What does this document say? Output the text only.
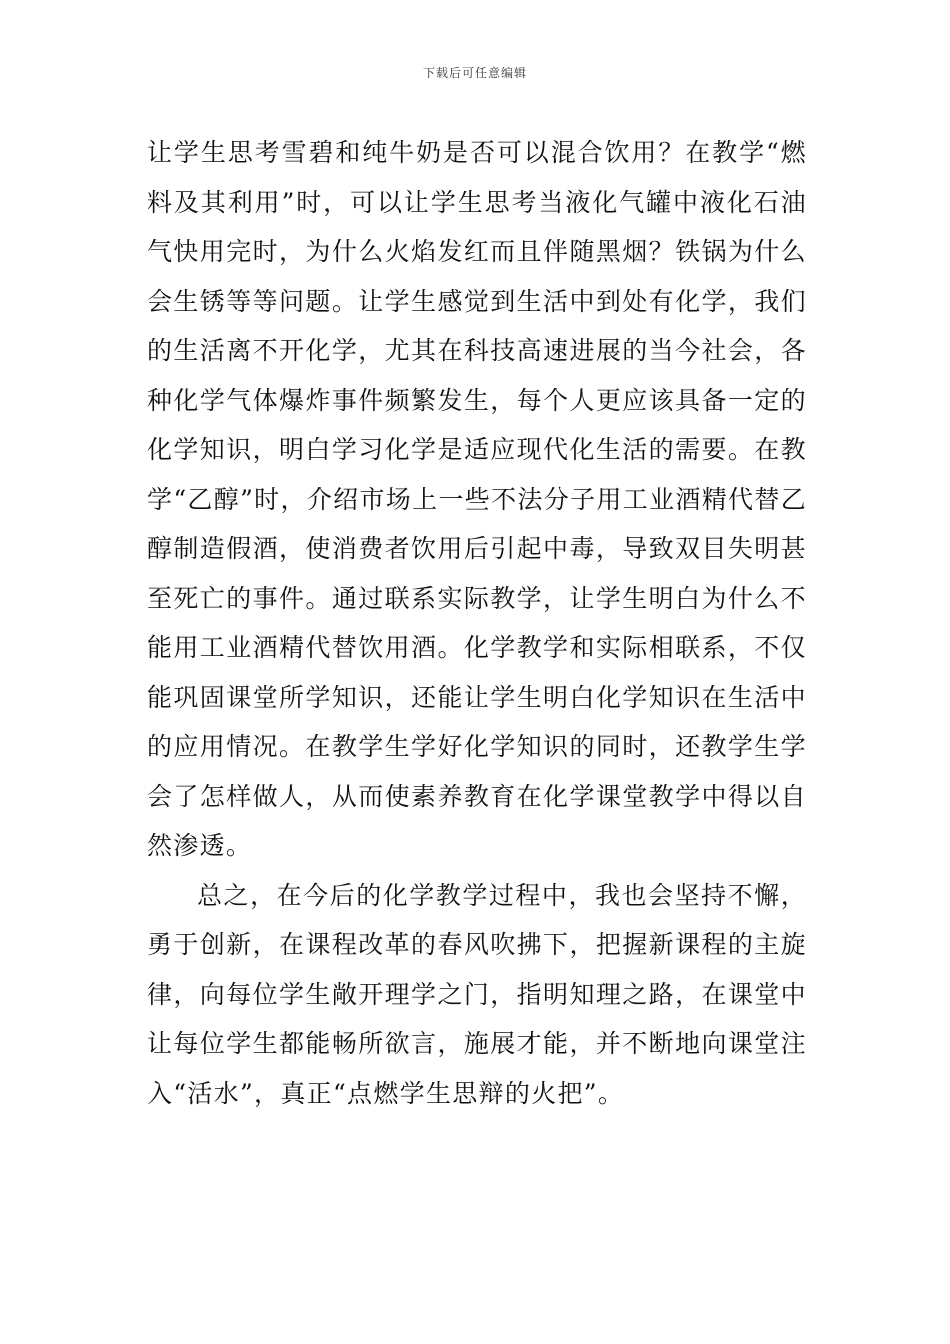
下载后可任意编辑

让学生思考雪碧和纯牛奶是否可以混合饮用？在教学“燃料及其利用”时，可以让学生思考当液化气罐中液化石油气快用完时，为什么火焰发红而且伴随黑烟？铁锅为什么会生锈等等问题。让学生感觉到生活中到处有化学，我们的生活离不开化学，尤其在科技高速进展的当今社会，各种化学气体爆炸事件频繁发生，每个人更应该具备一定的化学知识，明白学习化学是适应现代化生活的需要。在教学“乙醇”时，介绍市场上一些不法分子用工业酒精代替乙醇制造假酒，使消费者饮用后引起中毒，导致双目失明甚至死亡的事件。通过联系实际教学，让学生明白为什么不能用工业酒精代替饮用酒。化学教学和实际相联系，不仅能巩固课堂所学知识，还能让学生明白化学知识在生活中的应用情况。在教学生学好化学知识的同时，还教学生学会了怎样做人，从而使素养教育在化学课堂教学中得以自然渗透。

总之，在今后的化学教学过程中，我也会坚持不懈，勇于创新，在课程改革的春风吹拂下，把握新课程的主旋律，向每位学生敞开理学之门，指明知理之路，在课堂中让每位学生都能畅所欲言，施展才能，并不断地向课堂注入“活水”，真正“点燃学生思辩的火把”。
